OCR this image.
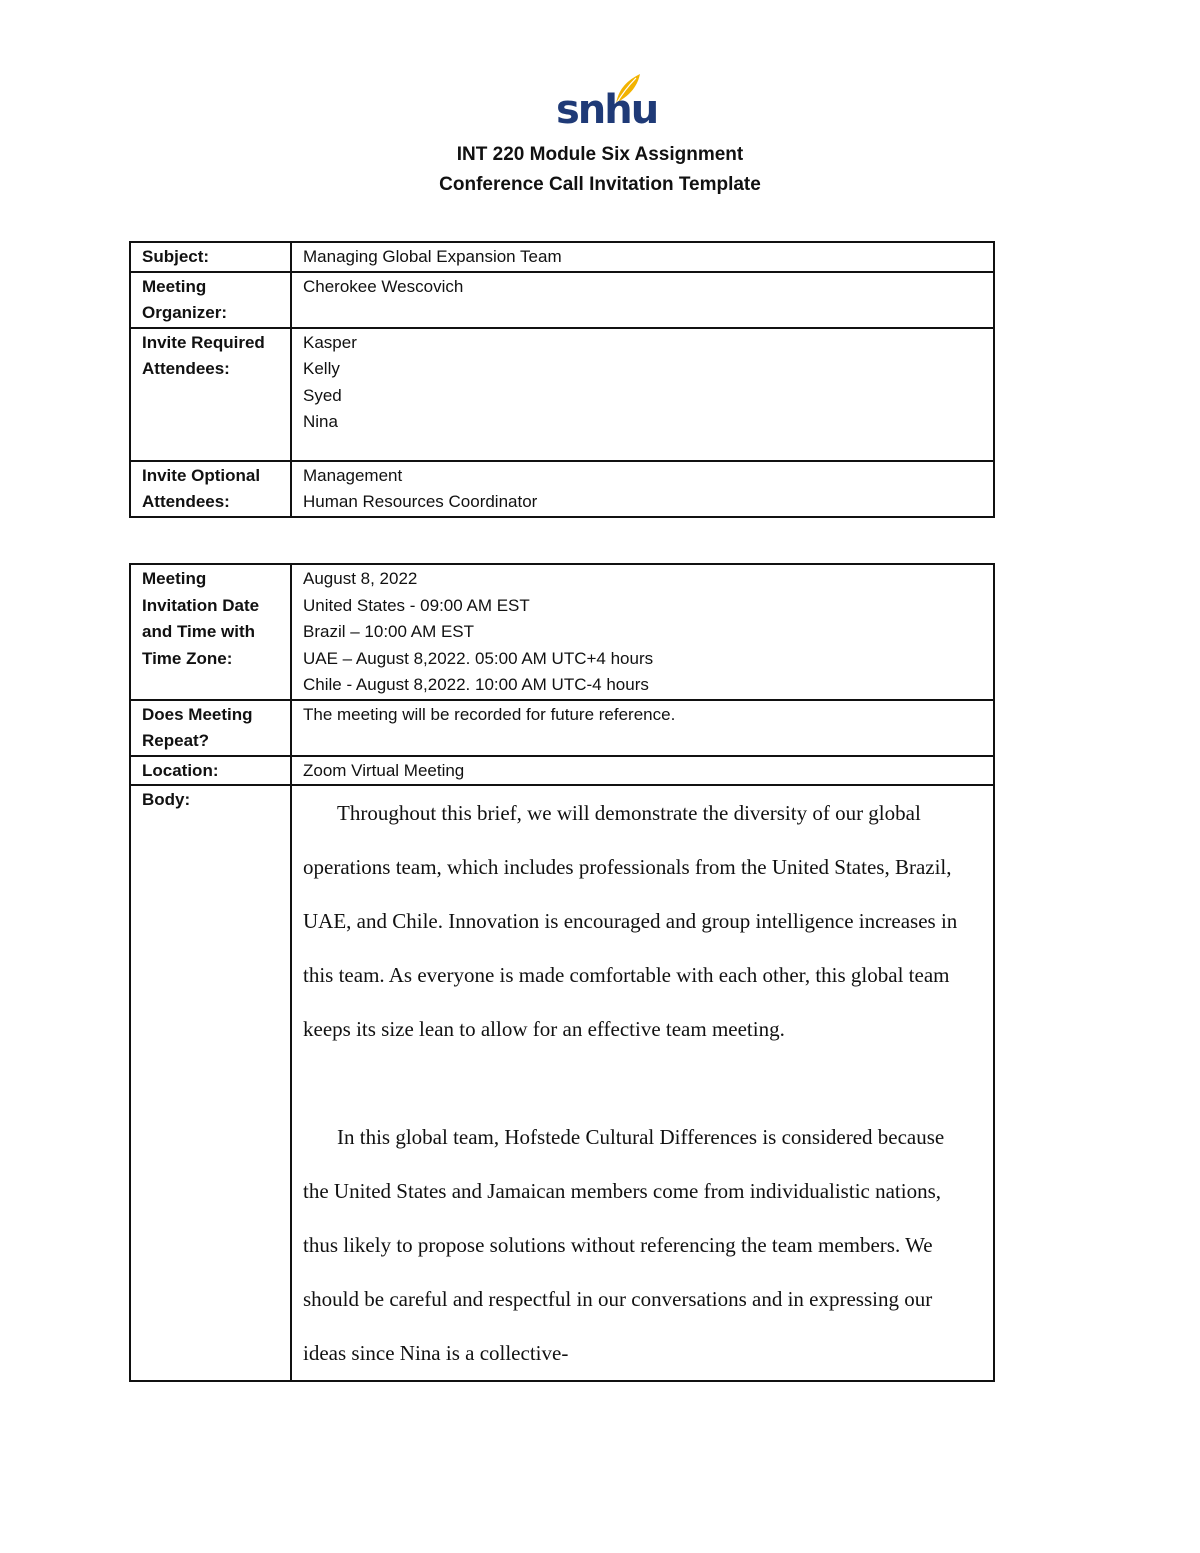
snhu
INT 220 Module Six Assignment
Conference Call Invitation Template
Subject:	Managing Global Expansion Team

Meeting
Organizer:	Cherokee Wescovich

Invite Required
Attendees:	Kasper
Kelly
Syed
Nina

Invite Optional
Attendees:	Management
Human Resources Coordinator
Meeting
Invitation Date
and Time with
Time Zone:	August 8, 2022
United States - 09:00 AM EST
Brazil – 10:00 AM EST
UAE – August 8,2022. 05:00 AM UTC+4 hours
Chile - August 8,2022. 10:00 AM UTC-4 hours

Does Meeting
Repeat?	The meeting will be recorded for future reference.
Location:	Zoom Virtual Meeting
Body:	Throughout this brief, we will demonstrate the diversity of our global operations team, which includes professionals from the United States, Brazil, UAE, and Chile. Innovation is encouraged and group intelligence increases in this team. As everyone is made comfortable with each other, this global team keeps its size lean to allow for an effective team meeting.

In this global team, Hofstede Cultural Differences is considered because the United States and Jamaican members come from individualistic nations, thus likely to propose solutions without referencing the team members. We should be careful and respectful in our conversations and in expressing our ideas since Nina is a collective-
